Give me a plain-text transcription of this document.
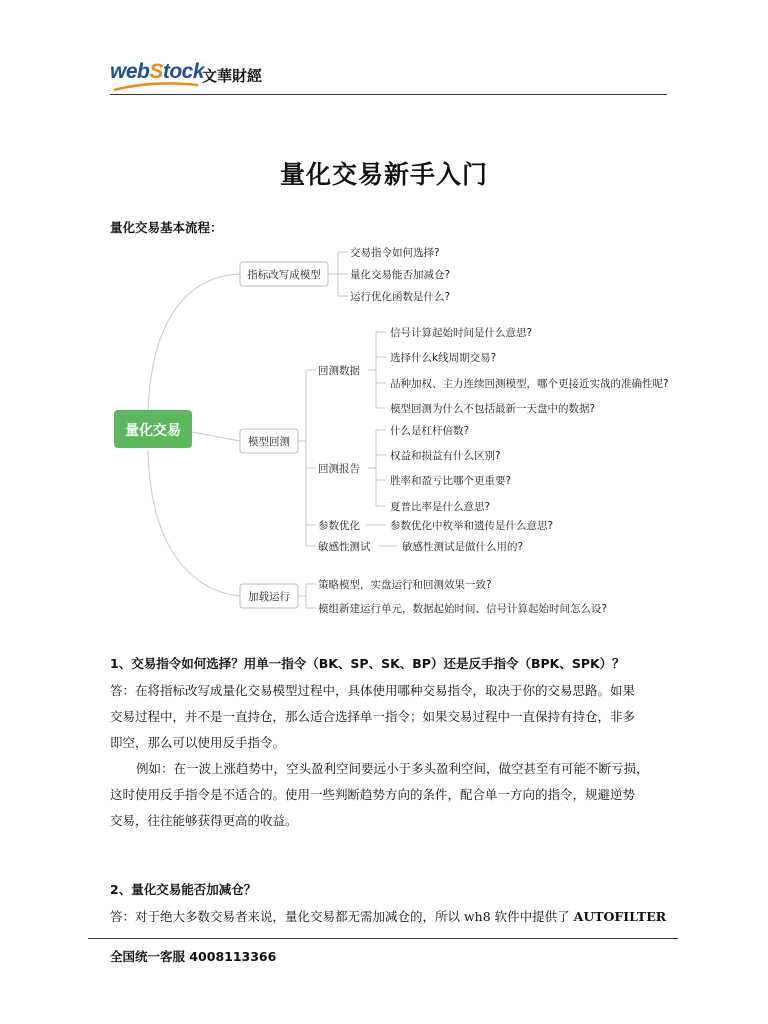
webStock
文華財經
量化交易新手入门
量化交易基本流程：
量化交易
指标改写成模型
模型回测
加载运行
交易指令如何选择?
量化交易能否加减仓?
运行优化函数是什么?
回测数据
回测报告
参数优化
敏感性测试
信号计算起始时间是什么意思?
选择什么k线周期交易?
品种加权、主力连续回测模型，哪个更接近实战的准确性呢?
模型回测为什么不包括最新一天盘中的数据?
什么是杠杆倍数?
权益和损益有什么区别?
胜率和盈亏比哪个更重要?
夏普比率是什么意思?
参数优化中枚举和遗传是什么意思?
敏感性测试是做什么用的?
策略模型，实盘运行和回测效果一致?
模组新建运行单元，数据起始时间、信号计算起始时间怎么设?
1、交易指令如何选择？用单一指令（BK、SP、SK、BP）还是反手指令（BPK、SPK）？
答：在将指标改写成量化交易模型过程中，具体使用哪种交易指令，取决于你的交易思路。如果
交易过程中，并不是一直持仓，那么适合选择单一指令；如果交易过程中一直保持有持仓，非多
即空，那么可以使用反手指令。
例如：在一波上涨趋势中，空头盈利空间要远小于多头盈利空间，做空甚至有可能不断亏损，
这时使用反手指令是不适合的。使用一些判断趋势方向的条件，配合单一方向的指令，规避逆势
交易，往往能够获得更高的收益。
2、量化交易能否加减仓？
答：对于绝大多数交易者来说，量化交易都无需加减仓的，所以 wh8 软件中提供了 AUTOFILTER
全国统一客服 4008113366
